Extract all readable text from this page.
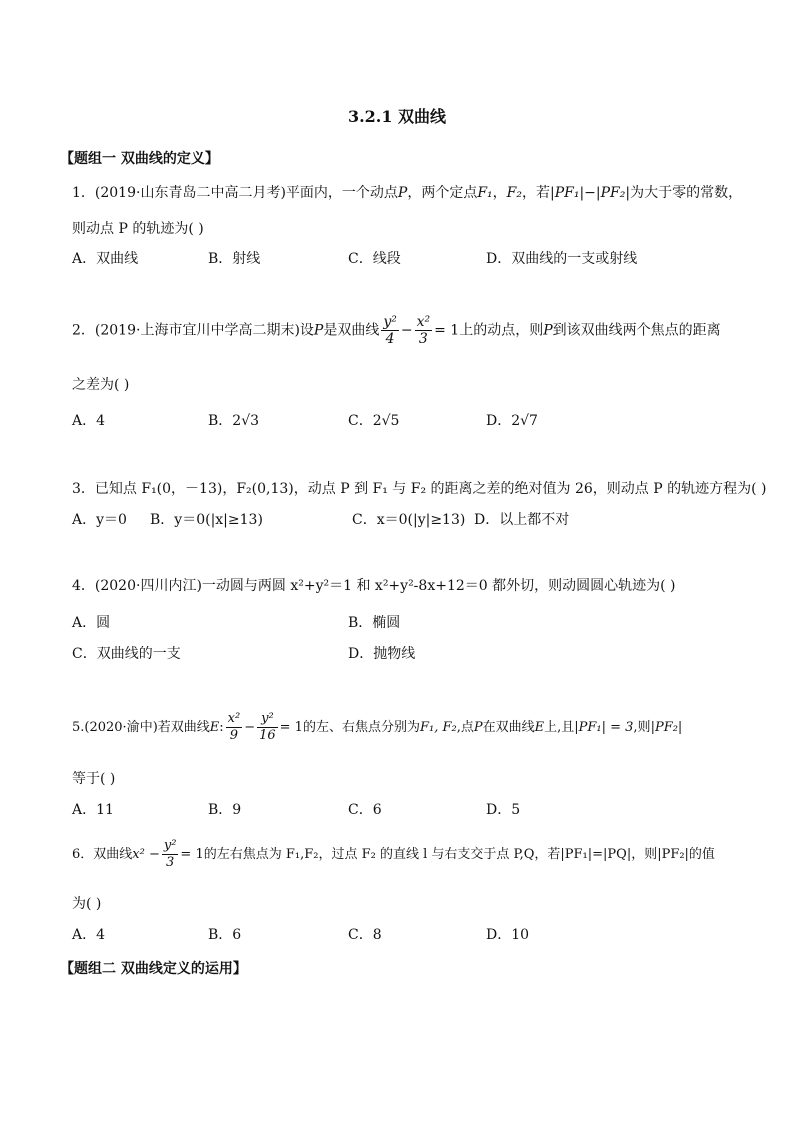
3.2.1 双曲线
【题组一 双曲线的定义】
1．(2019·山东青岛二中高二月考)平面内，一个动点P，两个定点F₁，F₂，若|PF₁|−|PF₂|为大于零的常数，
则动点 P 的轨迹为( )
A．双曲线	B．射线	C．线段	D．双曲线的一支或射线
2．(2019·上海市宜川中学高二期末)设P是双曲线 $\frac{\text{y²}}{4} - \frac{\text{x²}}{3} = 1$上的动点，则P到该双曲线两个焦点的距离
之差为( )
A．4	B．2√3	C．2√5	D．2√7
3．已知点 F₁(0，－13)，F₂(0,13)，动点 P 到 F₁ 与 F₂ 的距离之差的绝对值为 26，则动点 P 的轨迹方程为( )
A．y＝0 B．y＝0(|x|≥13)	C．x＝0(|y|≥13) D．以上都不对
4．(2020·四川内江)一动圆与两圆 x²+y²＝1 和 x²+y²-8x+12＝0 都外切，则动圆圆心轨迹为( )
A．圆	B．椭圆
C．双曲线的一支	D．抛物线
5.(2020·渝中)若双曲线E: $\frac{\text{x²}}{9} - \frac{\text{y²}}{16} = 1$的左、右焦点分别为F₁, F₂,点P在双曲线E上,且|PF₁| = 3,则|PF₂|
等于( )
A．11	B．9	C．6	D．5
6．双曲线$x^2 - \frac{\text{y²}}{3} = 1$的左右焦点为 F₁,F₂，过点 F₂ 的直线 l 与右支交于点 P,Q，若|PF₁|=|PQ|，则|PF₂|的值
为( )
A．4	B．6	C．8	D．10
【题组二 双曲线定义的运用】
